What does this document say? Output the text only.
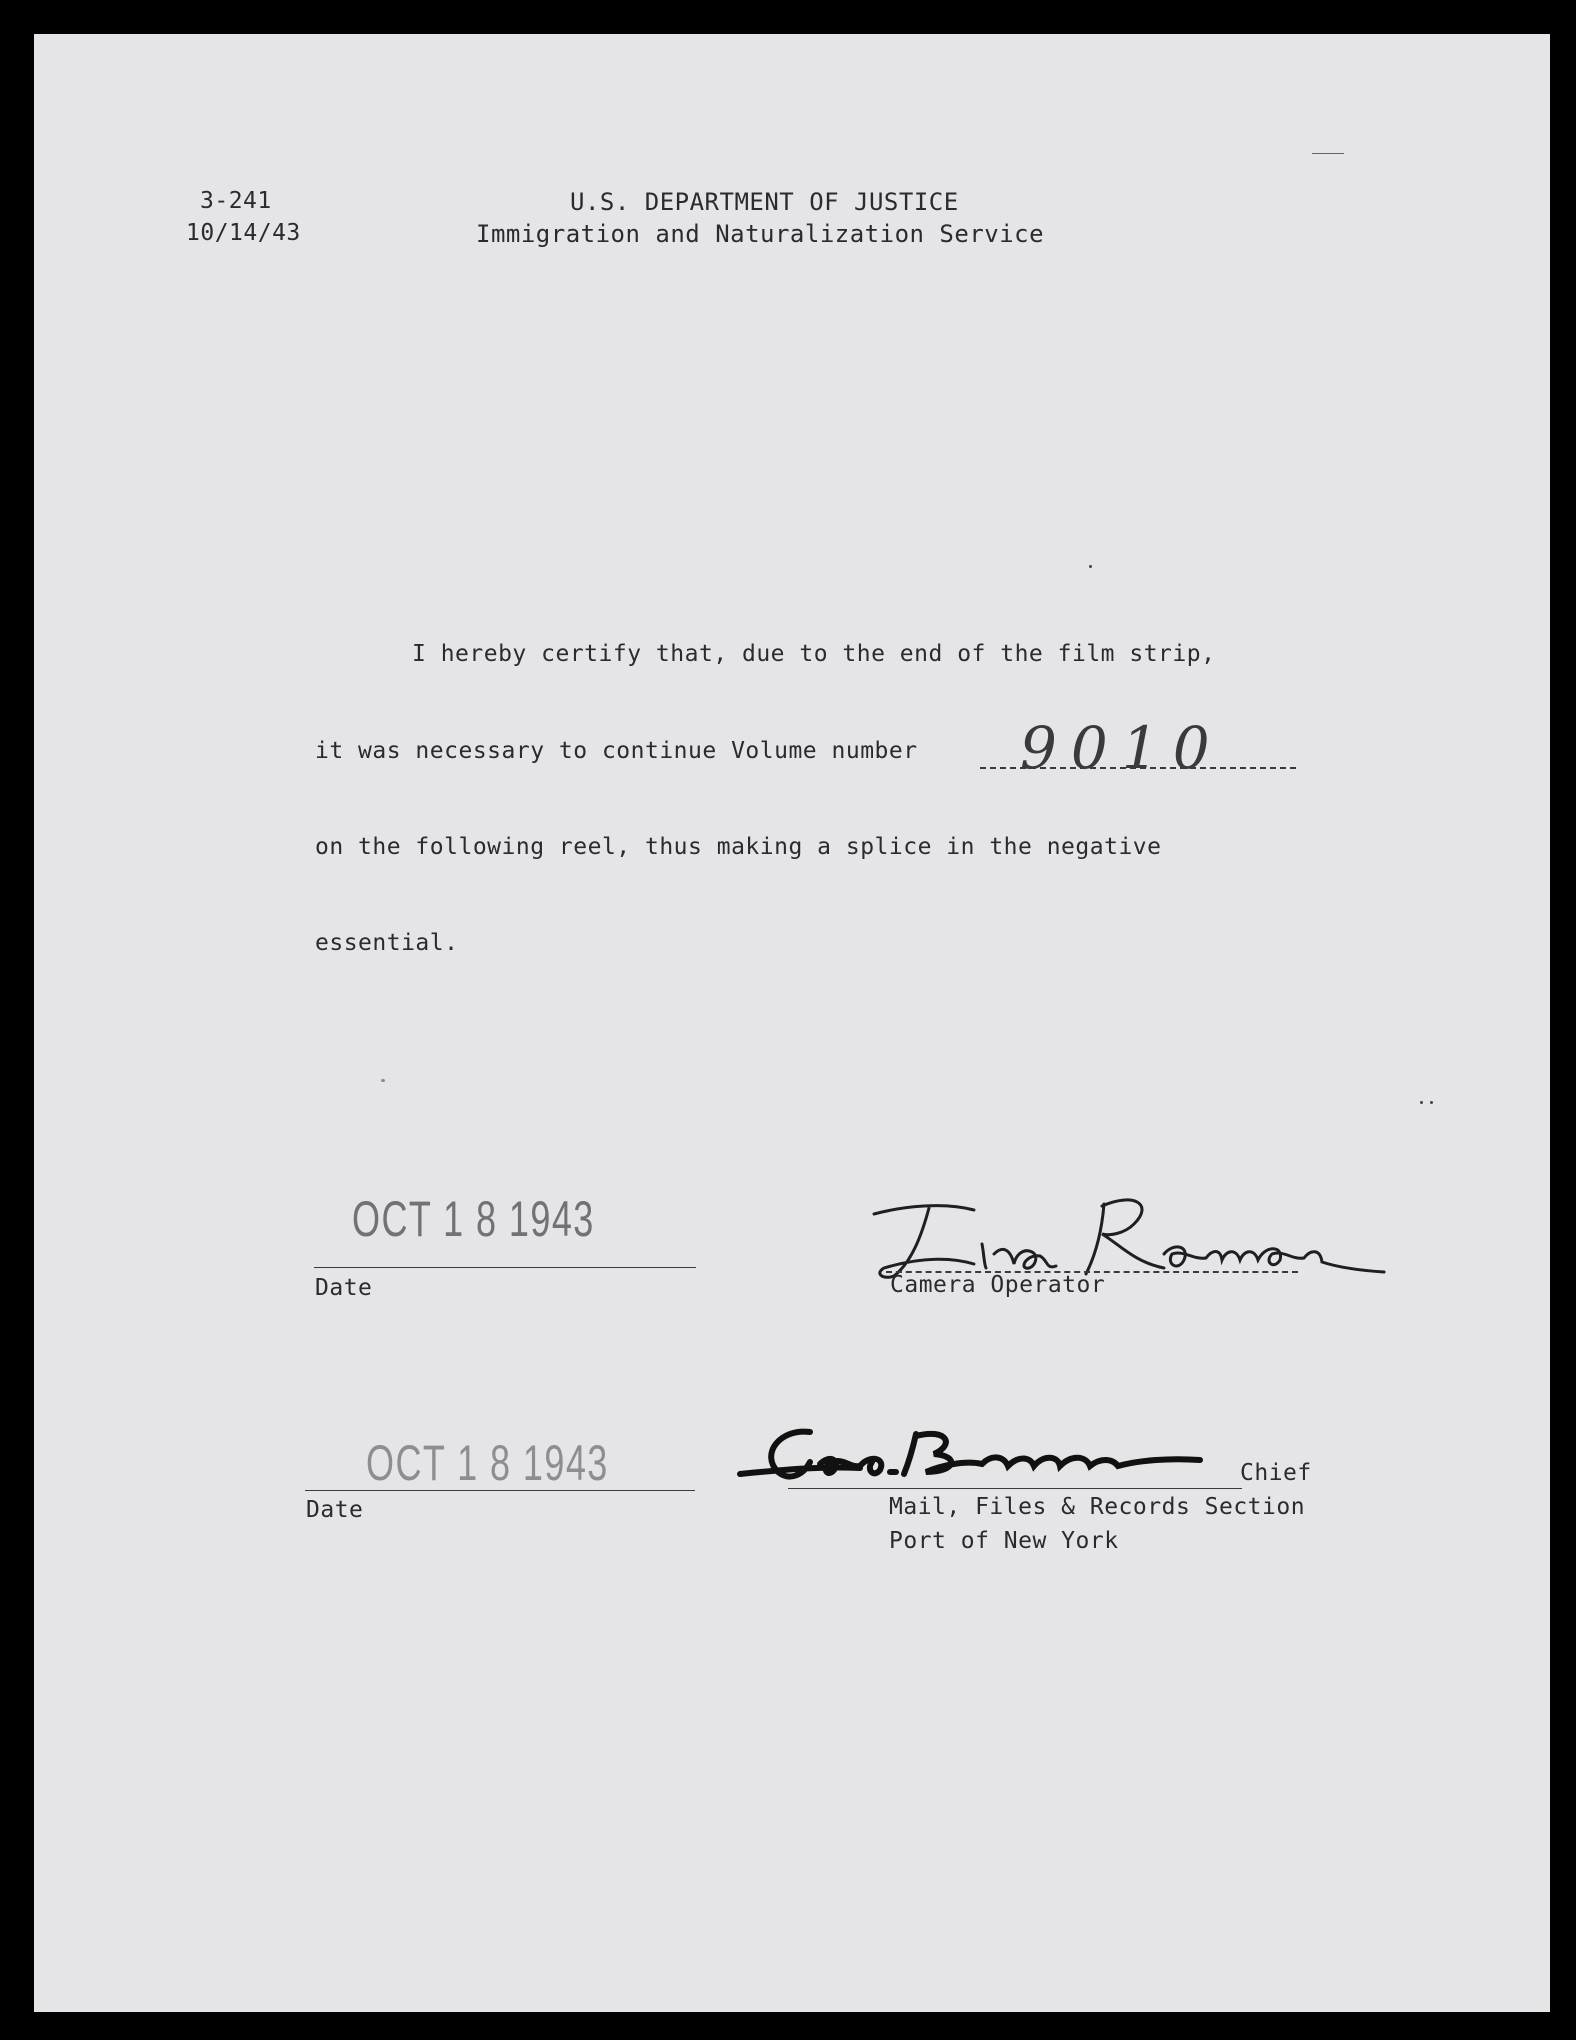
3-241
10/14/43
U.S. DEPARTMENT OF JUSTICE
Immigration and Naturalization Service
I hereby certify that, due to the end of the film strip,
it was necessary to continue Volume number 9010
on the following reel, thus making a splice in the negative
essential.
OCT 1 8 1943
Date	Camera Operator
OCT 1 8 1943
Date
Chief
Mail, Files & Records Section
Port of New York
